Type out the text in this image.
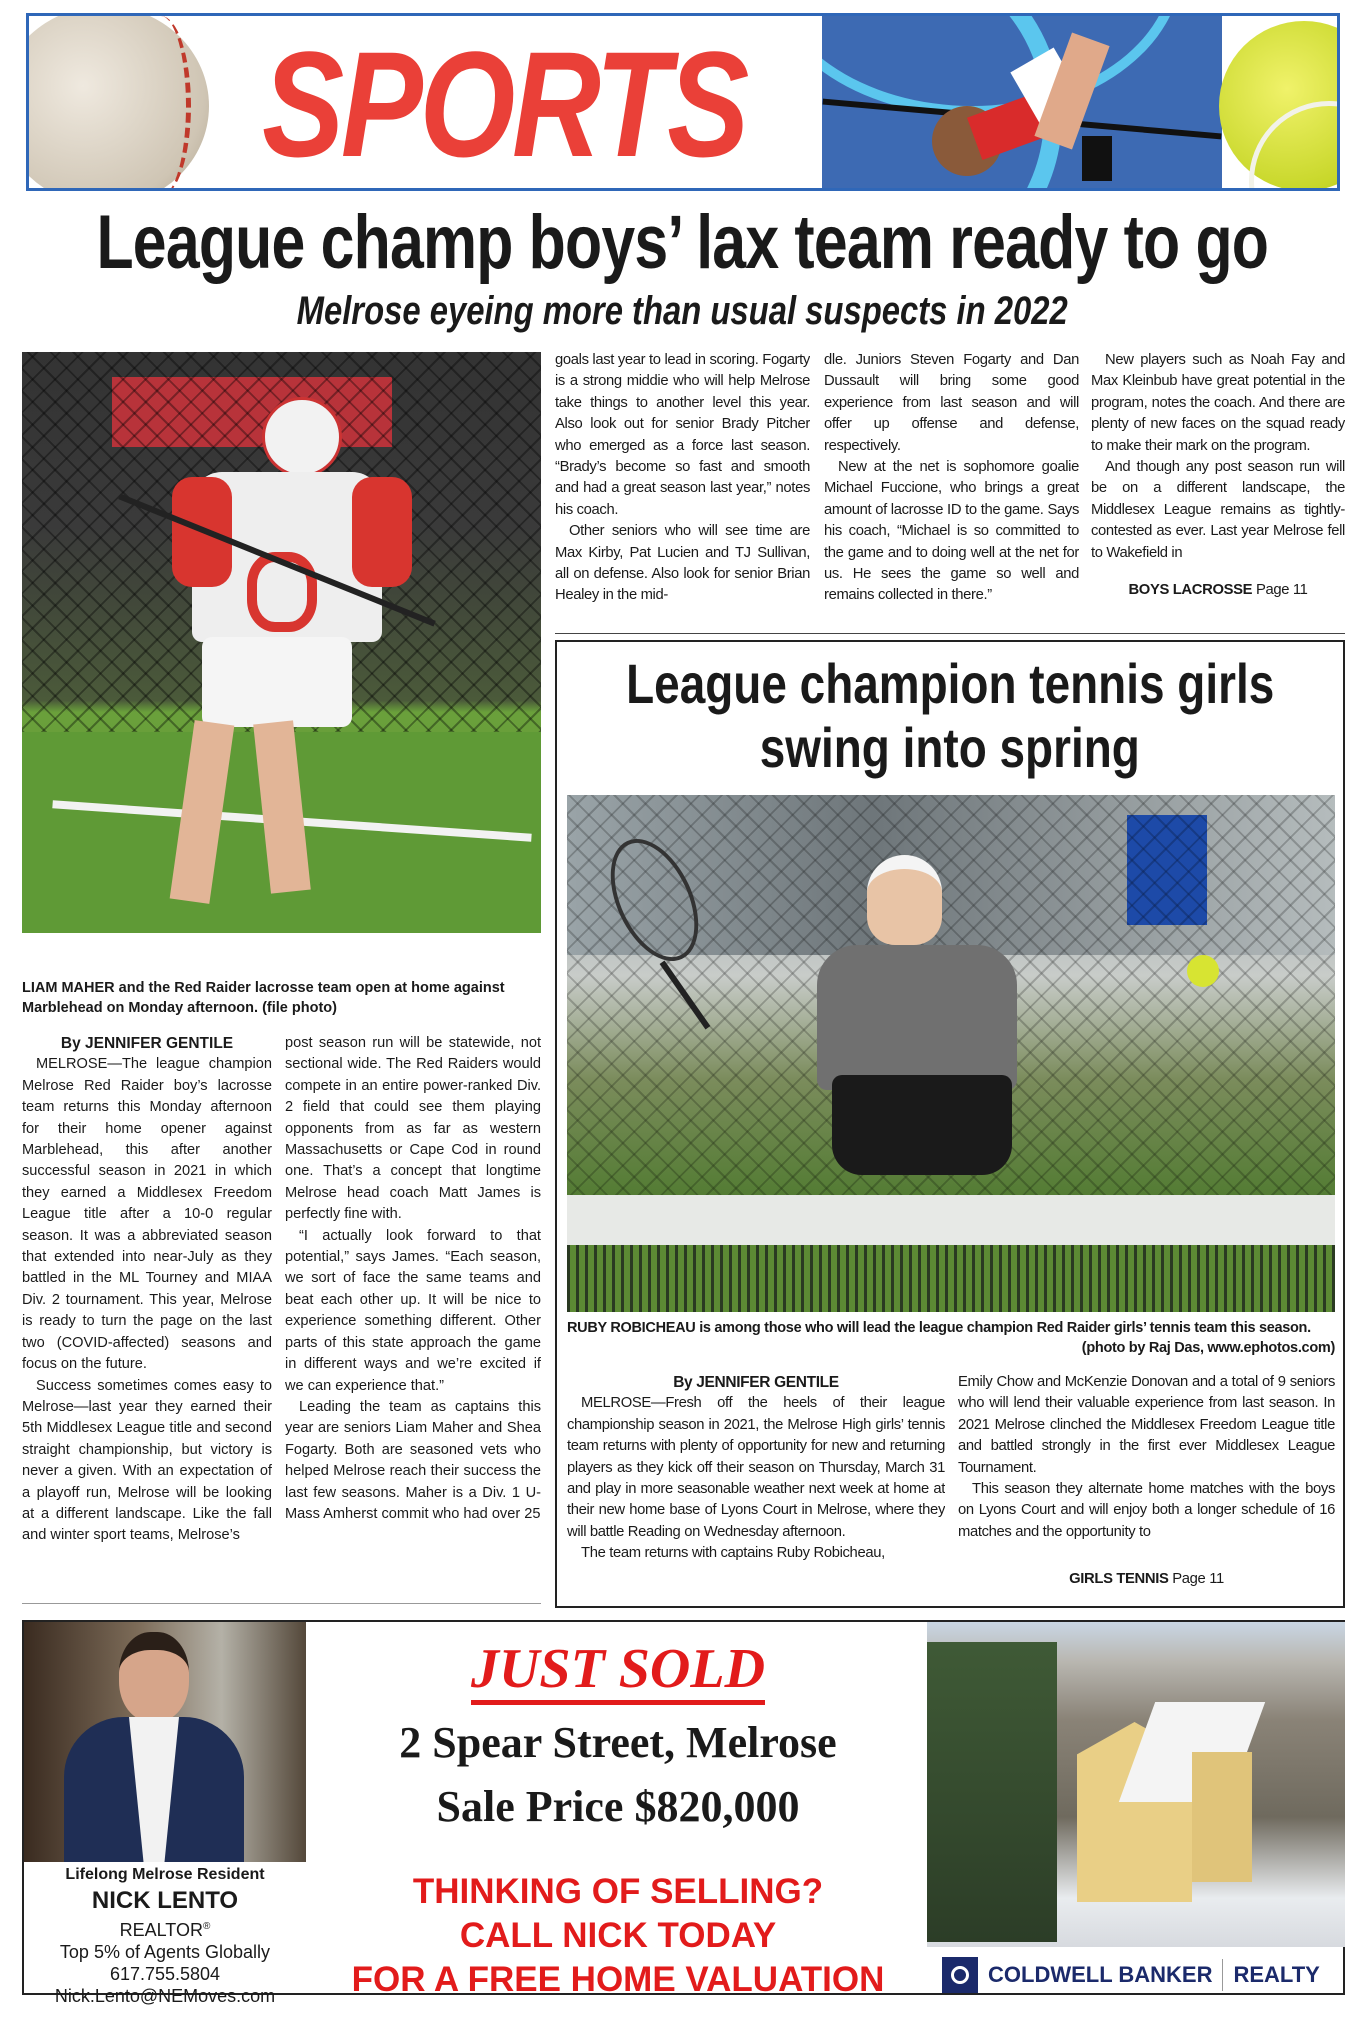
SPORTS
League champ boys’ lax team ready to go
Melrose eyeing more than usual suspects in 2022
LIAM MAHER and the Red Raider lacrosse team open at home against Marblehead on Monday afternoon. (file photo)

By JENNIFER GENTILE

MELROSE—The league champion Melrose Red Raider boy’s lacrosse team returns this Monday afternoon for their home opener against Marblehead, this after another successful season in 2021 in which they earned a Middlesex Freedom League title after a 10-0 regular season. It was a abbreviated season that extended into near-July as they battled in the ML Tourney and MIAA Div. 2 tournament. This year, Melrose is ready to turn the page on the last two (COVID-affected) seasons and focus on the future.

Success sometimes comes easy to Melrose—last year they earned their 5th Middlesex League title and second straight championship, but victory is never a given. With an expectation of a playoff run, Melrose will be looking at a different landscape. Like the fall and winter sport teams, Melrose’s

post season run will be statewide, not sectional wide. The Red Raiders would compete in an entire power-ranked Div. 2 field that could see them playing opponents from as far as western Massachusetts or Cape Cod in round one. That’s a concept that longtime Melrose head coach Matt James is perfectly fine with.

“I actually look forward to that potential,” says James. “Each season, we sort of face the same teams and beat each other up. It will be nice to experience something different. Other parts of this state approach the game in different ways and we’re excited if we can experience that.”

Leading the team as captains this year are seniors Liam Maher and Shea Fogarty. Both are seasoned vets who helped Melrose reach their success the last few seasons. Maher is a Div. 1 U-Mass Amherst commit who had over 25

goals last year to lead in scoring. Fogarty is a strong middie who will help Melrose take things to another level this year. Also look out for senior Brady Pitcher who emerged as a force last season. “Brady’s become so fast and smooth and had a great season last year,” notes his coach.

Other seniors who will see time are Max Kirby, Pat Lucien and TJ Sullivan, all on defense. Also look for senior Brian Healey in the mid-

dle. Juniors Steven Fogarty and Dan Dussault will bring some good experience from last season and will offer up offense and defense, respectively.

New at the net is sophomore goalie Michael Fuccione, who brings a great amount of lacrosse ID to the game. Says his coach, “Michael is so committed to the game and to doing well at the net for us. He sees the game so well and remains collected in there.”

New players such as Noah Fay and Max Kleinbub have great potential in the program, notes the coach. And there are plenty of new faces on the squad ready to make their mark on the program.

And though any post season run will be on a different landscape, the Middlesex League remains as tightly-contested as ever. Last year Melrose fell to Wakefield in

BOYS LACROSSE Page 11

League champion tennis girls
swing into spring
RUBY ROBICHEAU is among those who will lead the league champion Red Raider girls’ tennis team this season.
(photo by Raj Das, www.ephotos.com)

By JENNIFER GENTILE

MELROSE—Fresh off the heels of their league championship season in 2021, the Melrose High girls’ tennis team returns with plenty of opportunity for new and returning players as they kick off their season on Thursday, March 31 and play in more seasonable weather next week at home at their new home base of Lyons Court in Melrose, where they will battle Reading on Wednesday afternoon.

The team returns with captains Ruby Robicheau,

Emily Chow and McKenzie Donovan and a total of 9 seniors who will lend their valuable experience from last season. In 2021 Melrose clinched the Middlesex Freedom League title and battled strongly in the first ever Middlesex League Tournament.

This season they alternate home matches with the boys on Lyons Court and will enjoy both a longer schedule of 16 matches and the opportunity to

GIRLS TENNIS Page 11

Lifelong Melrose Resident
NICK LENTO
REALTOR®
Top 5% of Agents Globally
617.755.5804
Nick.Lento@NEMoves.com
JUST SOLD
2 Spear Street, Melrose
Sale Price $820,000
THINKING OF SELLING?
CALL NICK TODAY
FOR A FREE HOME VALUATION	COLDWELL BANKER REALTY
